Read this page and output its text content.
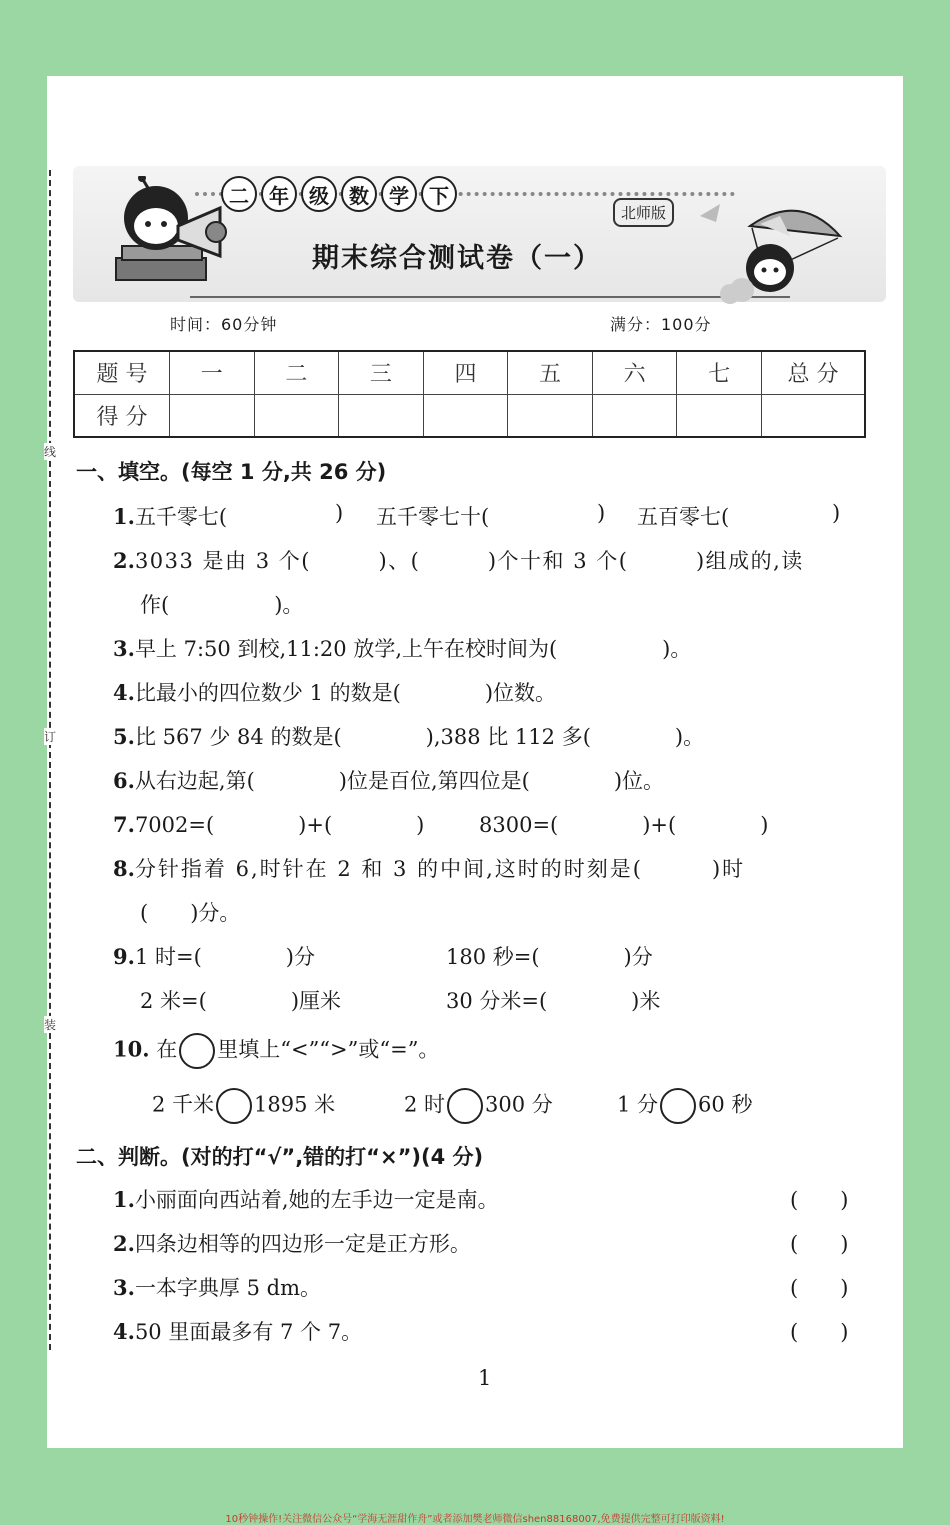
线
订
装
二	年	级	数	学	下
北师版
期末综合测试卷（一）
时间：60分钟	满分：100分
题 号	一	二	三	四	五	六	七	总 分
得 分								
一、填空。(每空 1 分,共 26 分)
1.五千零七(	) 五千零七十(	) 五百零七(	)
2.3033 是由 3 个(　　　)、(　　　)个十和 3 个(　　　)组成的,读
作(　　　　　)。
3.早上 7:50 到校,11:20 放学,上午在校时间为(　　　　　)。
4.比最小的四位数少 1 的数是(　　　　)位数。
5.比 567 少 84 的数是(　　　　),388 比 112 多(　　　　)。
6.从右边起,第(　　　　)位是百位,第四位是(　　　　)位。
7.7002=(　　　　)+(　　　　)	8300=(　　　　)+(　　　　)
8.分针指着 6,时针在 2 和 3 的中间,这时的时刻是(　　　)时
(　　)分。
9.1 时=(　　　　)分	180 秒=(　　　　)分
2 米=(　　　　)厘米	30 分米=(　　　　)米
10. 在 里填上“<”“>”或“=”。
2 千米 1895 米	2 时 300 分	1 分 60 秒
二、判断。(对的打“√”,错的打“×”)(4 分)
1.小丽面向西站着,她的左手边一定是南。	(　　)
2.四条边相等的四边形一定是正方形。	(　　)
3.一本字典厚 5 dm。	(　　)
4.50 里面最多有 7 个 7。	(　　)
1
10秒钟操作!关注微信公众号“学海无涯甜作舟”或者添加樊老师微信shen88168007,免费提供完整可打印版资料!
